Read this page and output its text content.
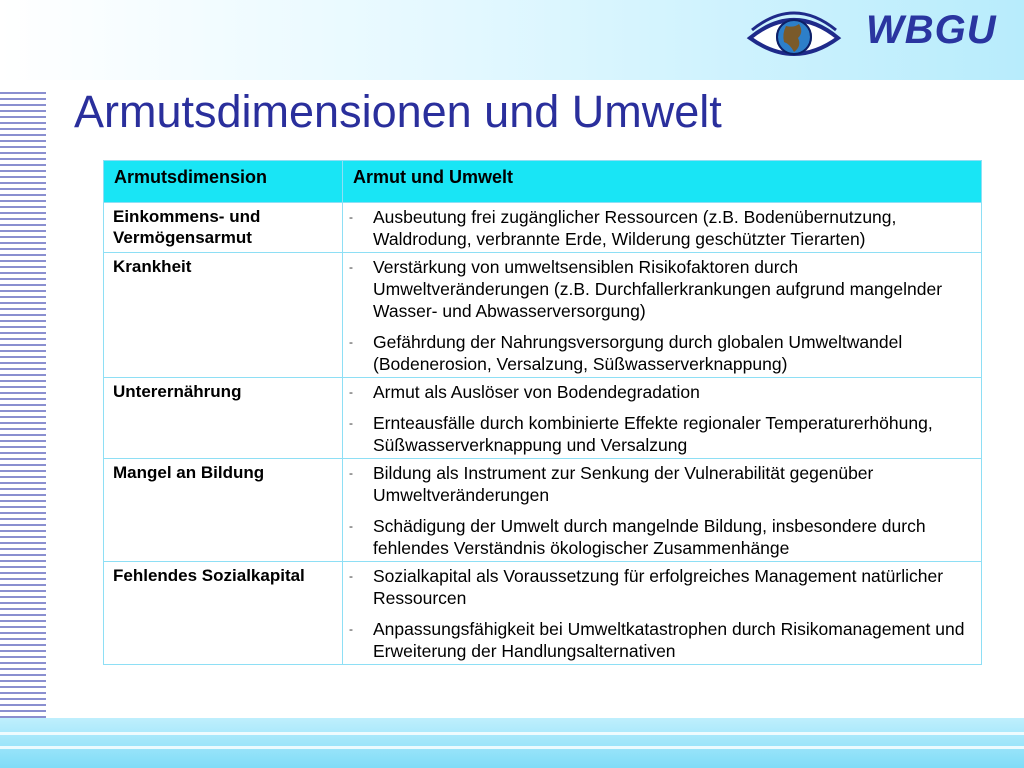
WBGU
Armutsdimensionen und Umwelt
Armutsdimension	Armut und Umwelt
Einkommens- und Vermögensarmut	- Ausbeutung frei zugänglicher Ressourcen (z.B. Bodenübernutzung, Waldrodung, verbrannte Erde, Wilderung geschützter Tierarten)

Krankheit	- Verstärkung von umweltsensiblen Risikofaktoren durch Umweltveränderungen (z.B. Durchfallerkrankungen aufgrund mangelnder Wasser- und Abwasserversorgung)
- Gefährdung der Nahrungsversorgung durch globalen Umweltwandel (Bodenerosion, Versalzung, Süßwasserverknappung)

Unterernährung	- Armut als Auslöser von Bodendegradation
- Ernteausfälle durch kombinierte Effekte regionaler Temperaturerhöhung, Süßwasserverknappung und Versalzung

Mangel an Bildung	- Bildung als Instrument zur Senkung der Vulnerabilität gegenüber Umweltveränderungen
- Schädigung der Umwelt durch mangelnde Bildung, insbesondere durch fehlendes Verständnis ökologischer Zusammenhänge

Fehlendes Sozialkapital	- Sozialkapital als Voraussetzung für erfolgreiches Management natürlicher Ressourcen
- Anpassungsfähigkeit bei Umweltkatastrophen durch Risikomanagement und Erweiterung der Handlungsalternativen
